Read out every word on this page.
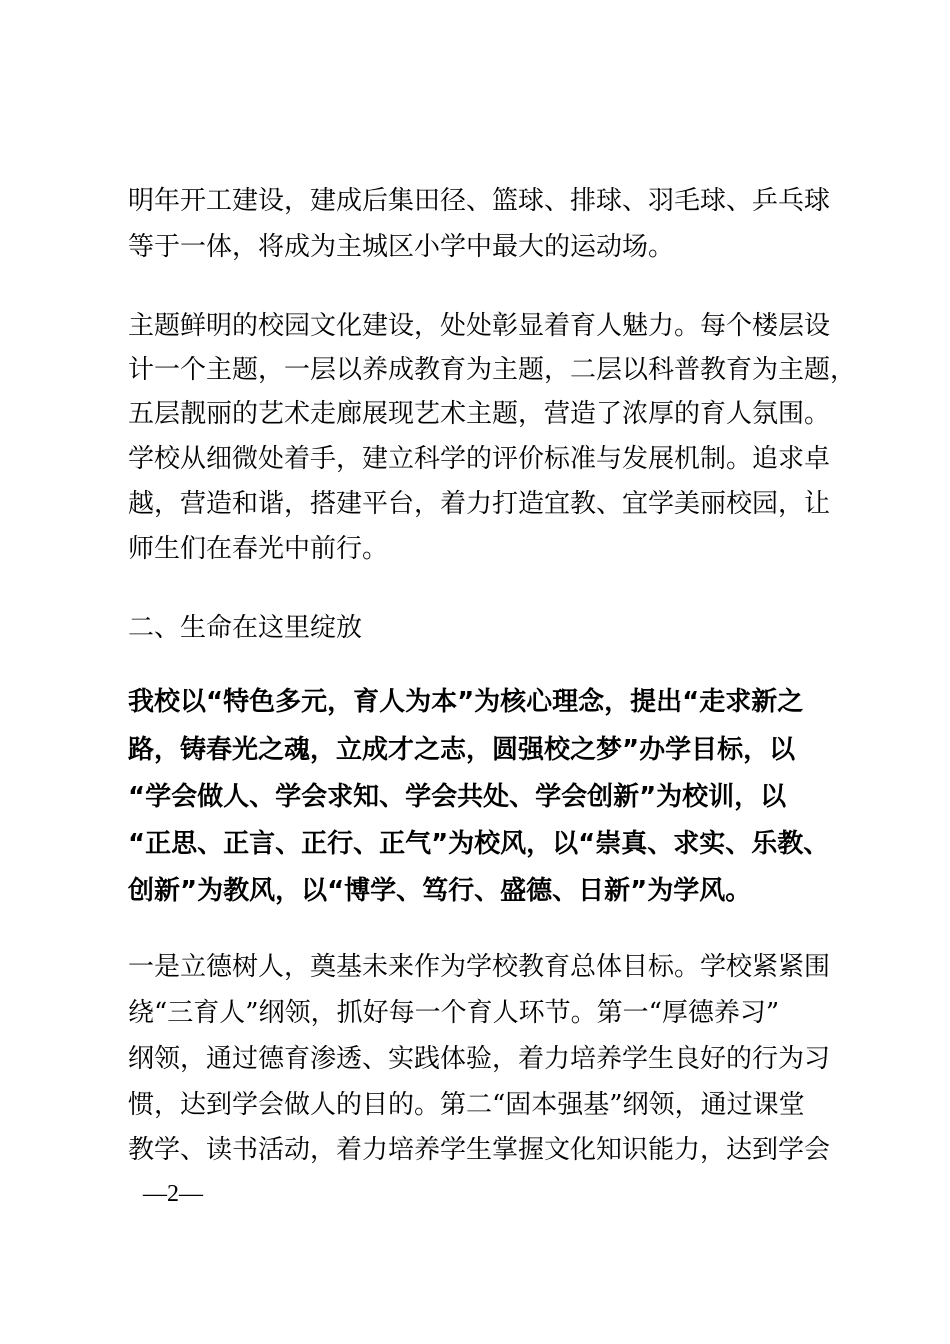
明年开工建设，建成后集田径、篮球、排球、羽毛球、乒乓球
等于一体，将成为主城区小学中最大的运动场。
主题鲜明的校园文化建设，处处彰显着育人魅力。每个楼层设
计一个主题，一层以养成教育为主题，二层以科普教育为主题，
五层靓丽的艺术走廊展现艺术主题，营造了浓厚的育人氛围。
学校从细微处着手，建立科学的评价标准与发展机制。追求卓
越，营造和谐，搭建平台，着力打造宜教、宜学美丽校园，让
师生们在春光中前行。
二、生命在这里绽放
我校以“特色多元，育人为本”为核心理念，提出“走求新之
路，铸春光之魂，立成才之志，圆强校之梦”办学目标，以
“学会做人、学会求知、学会共处、学会创新”为校训，以
“正思、正言、正行、正气”为校风，以“崇真、求实、乐教、
创新”为教风，以“博学、笃行、盛德、日新”为学风。
一是立德树人，奠基未来作为学校教育总体目标。学校紧紧围
绕“三育人”纲领，抓好每一个育人环节。第一“厚德养习”
纲领，通过德育渗透、实践体验，着力培养学生良好的行为习
惯，达到学会做人的目的。第二“固本强基”纲领，通过课堂
教学、读书活动，着力培养学生掌握文化知识能力，达到学会
—2—
